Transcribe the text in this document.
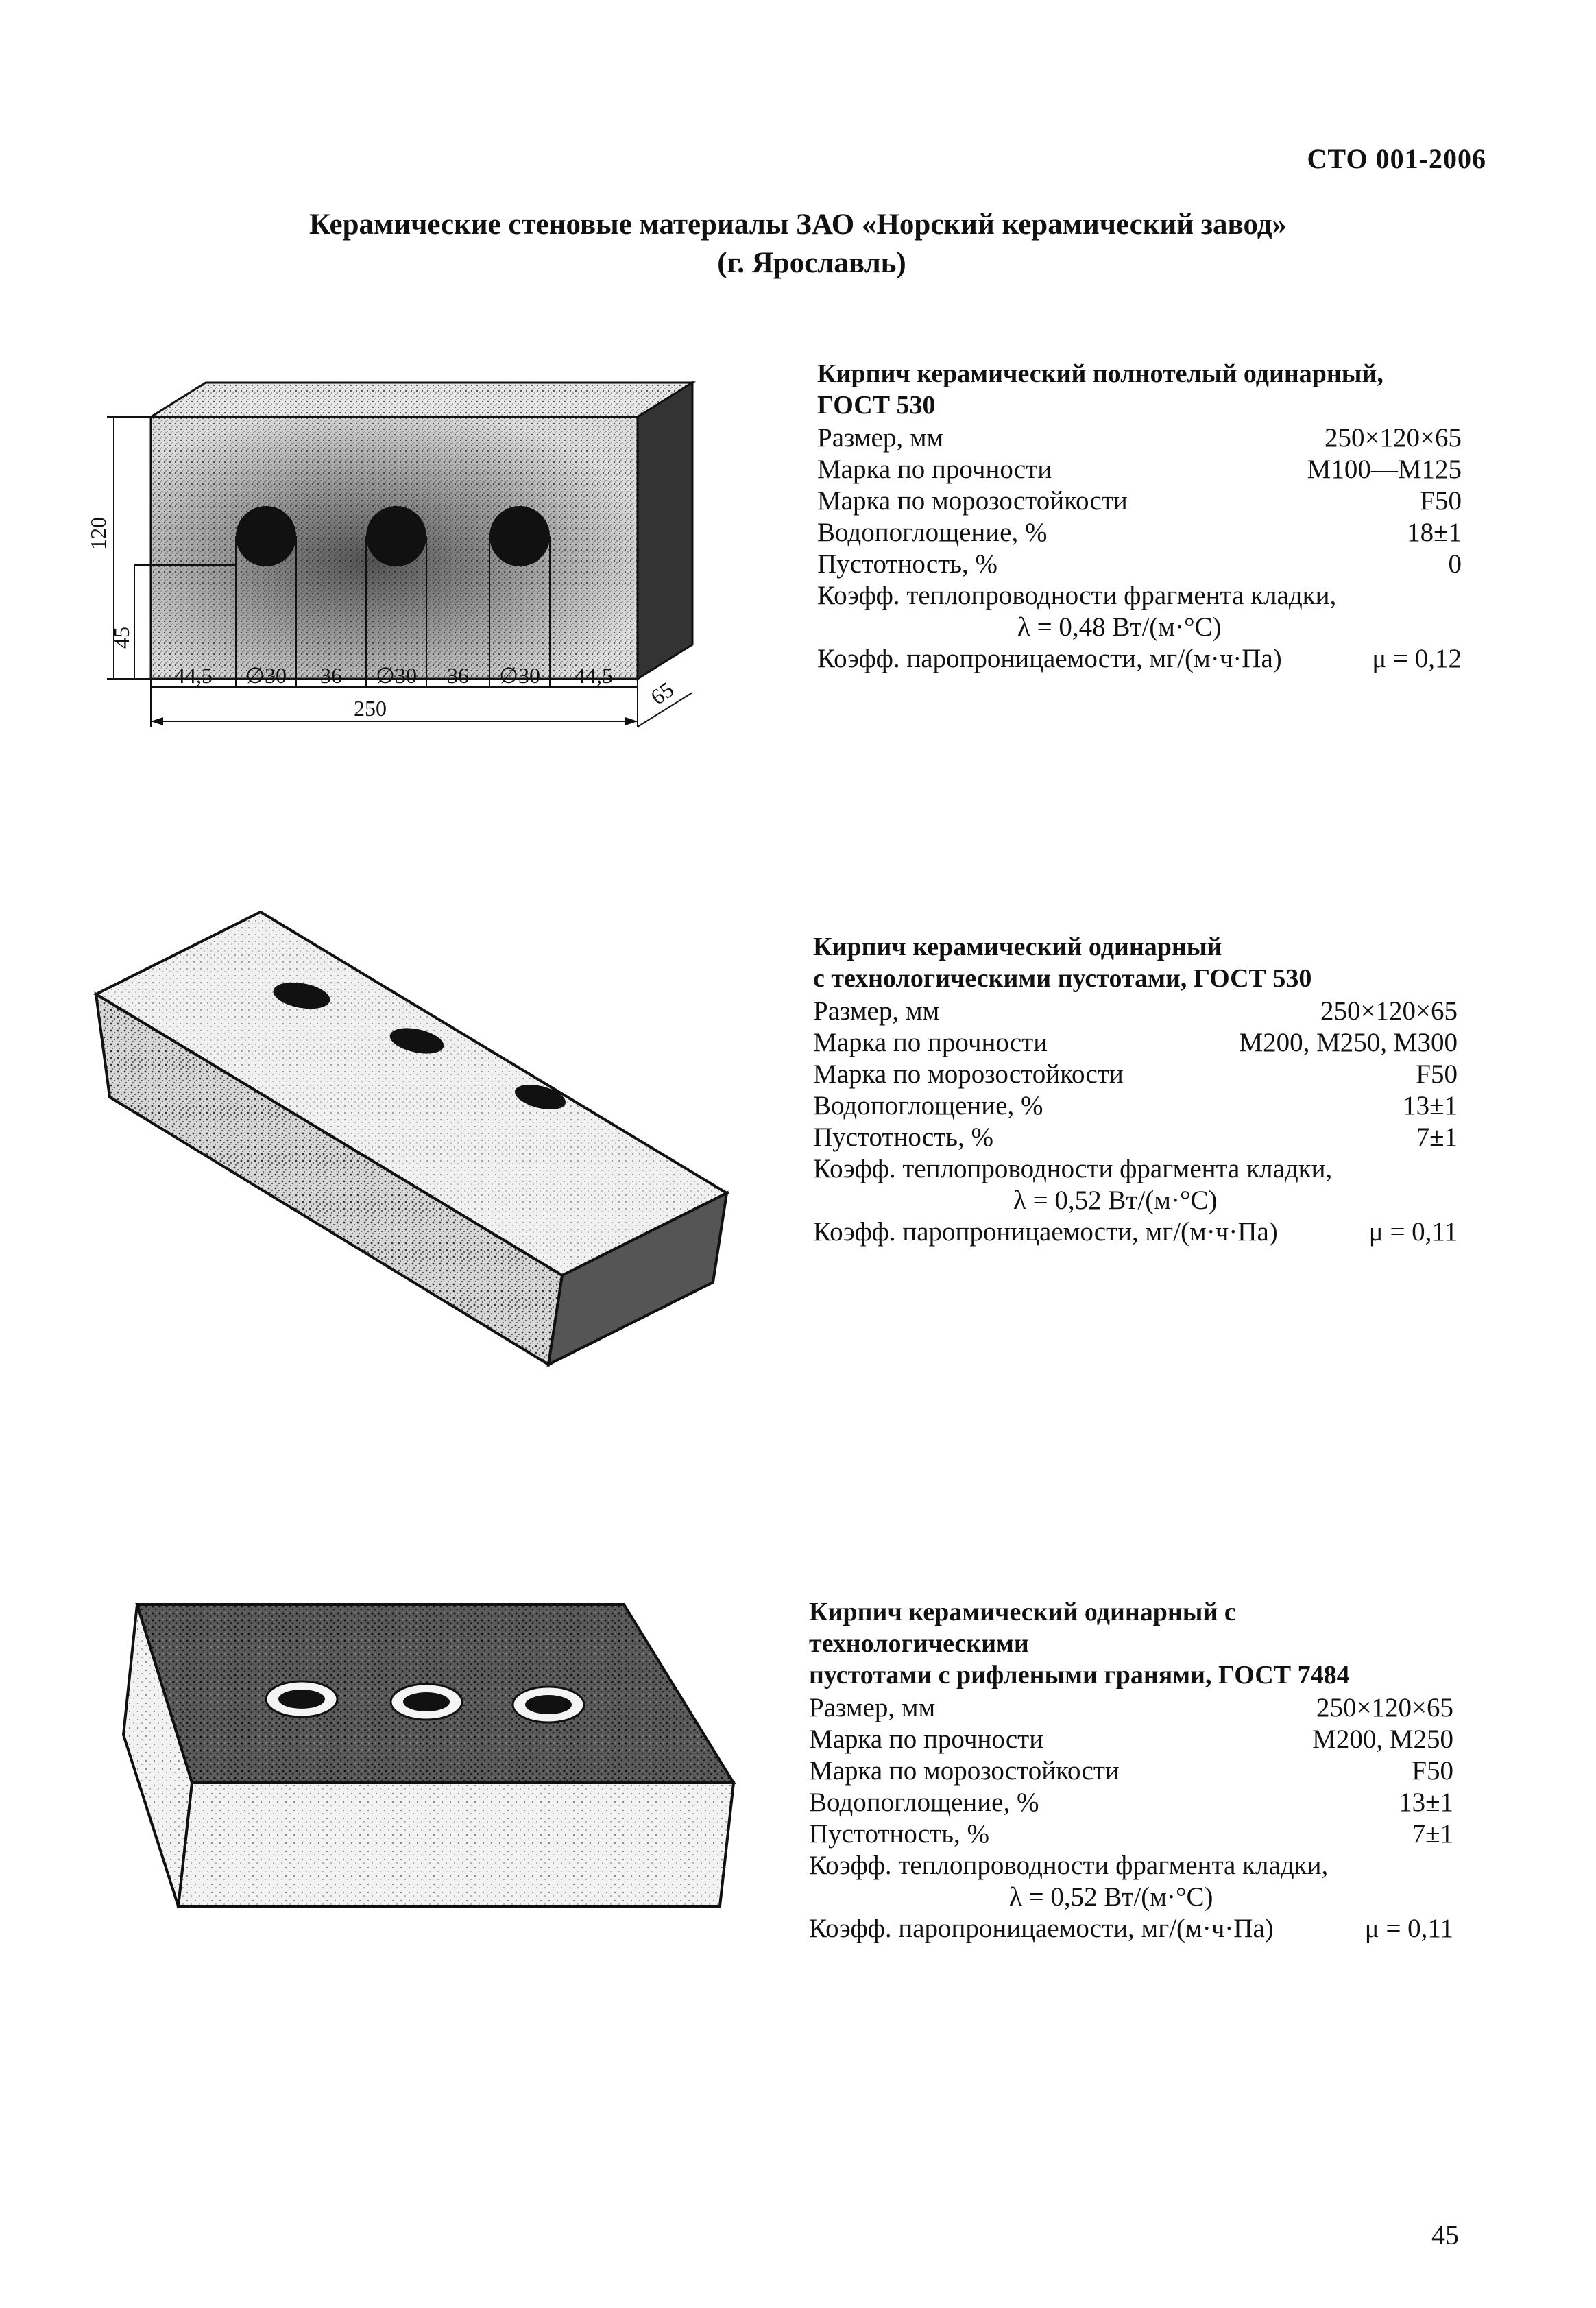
СТО 001-2006
Керамические стеновые материалы ЗАО «Норский керамический завод»
(г. Ярославль)
120
45
44,5 ∅30 36 ∅30 36 ∅30 44,5
250	65
Кирпич керамический полнотелый одинарный,
ГОСТ 530
Размер, мм	250×120×65
Марка по прочности	М100—М125
Марка по морозостойкости	F50
Водопоглощение, %	18±1
Пустотность, %	0
Коэфф. теплопроводности фрагмента кладки,
λ = 0,48 Вт/(м·°С)
Коэфф. паропроницаемости, мг/(м·ч·Па)	μ = 0,12
Кирпич керамический одинарный
с технологическими пустотами, ГОСТ 530
Размер, мм	250×120×65
Марка по прочности	М200, М250, М300
Марка по морозостойкости	F50
Водопоглощение, %	13±1
Пустотность, %	7±1
Коэфф. теплопроводности фрагмента кладки,
λ = 0,52 Вт/(м·°С)
Коэфф. паропроницаемости, мг/(м·ч·Па)	μ = 0,11
Кирпич керамический одинарный с технологическими
пустотами с рифлеными гранями, ГОСТ 7484
Размер, мм	250×120×65
Марка по прочности	М200, М250
Марка по морозостойкости	F50
Водопоглощение, %	13±1
Пустотность, %	7±1
Коэфф. теплопроводности фрагмента кладки,
λ = 0,52 Вт/(м·°С)
Коэфф. паропроницаемости, мг/(м·ч·Па)	μ = 0,11
45
